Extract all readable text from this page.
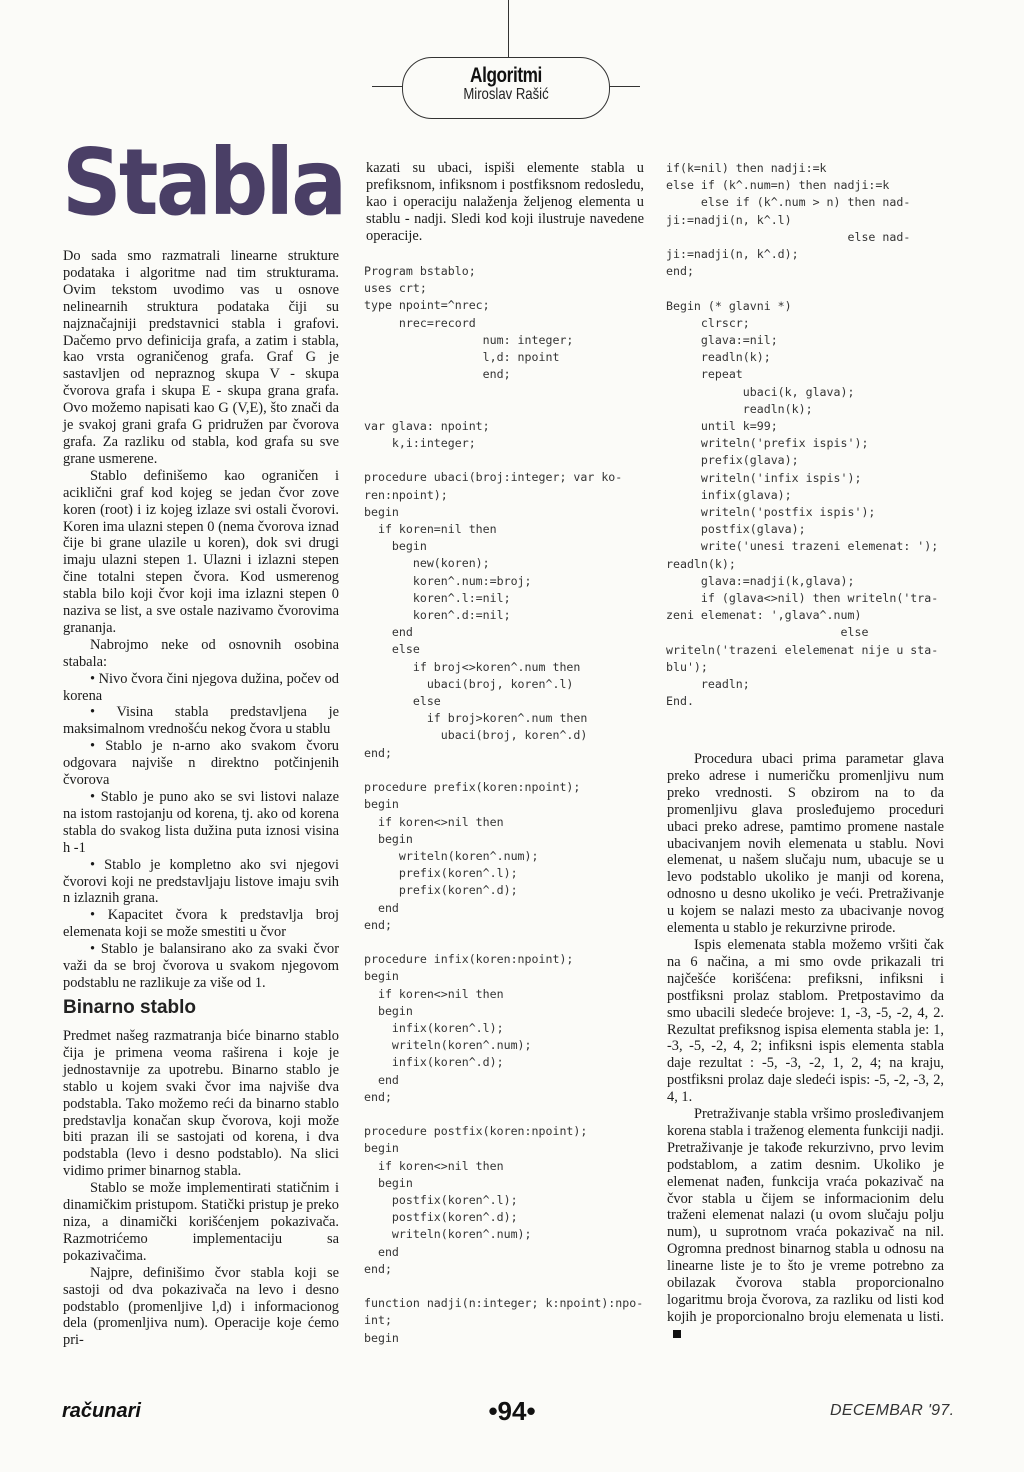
Algoritmi
Miroslav Rašić
Stabla

Do sada smo razmatrali linearne strukture podataka i algoritme nad tim strukturama. Ovim tekstom uvodimo vas u osnove nelinearnih struktura podataka čiji su najznačajniji predstavnici stabla i grafovi. Dačemo prvo definicija grafa, a zatim i stabla, kao vrsta ograničenog grafa. Graf G je sastavljen od nepraznog skupa V - skupa čvorova grafa i skupa E - skupa grana grafa. Ovo možemo napisati kao G (V,E), što znači da je svakoj grani grafa G pridružen par čvorova grafa. Za razliku od stabla, kod grafa su sve grane usmerene.

Stablo definišemo kao ograničen i aciklični graf kod kojeg se jedan čvor zove koren (root) i iz kojeg izlaze svi ostali čvorovi. Koren ima ulazni stepen 0 (nema čvorova iznad čije bi grane ulazile u koren), dok svi drugi imaju ulazni stepen 1. Ulazni i izlazni stepen čine totalni stepen čvora. Kod usmerenog stabla bilo koji čvor koji ima izlazni stepen 0 naziva se list, a sve ostale nazivamo čvorovima grananja.

Nabrojmo neke od osnovnih osobina stabala:

• Nivo čvora čini njegova dužina, počev od korena

• Visina stabla predstavljena je maksimalnom vrednošću nekog čvora u stablu

• Stablo je n-arno ako svakom čvoru odgovara najviše n direktno potčinjenih čvorova

• Stablo je puno ako se svi listovi nalaze na istom rastojanju od korena, tj. ako od korena stabla do svakog lista dužina puta iznosi visina h -1

• Stablo je kompletno ako svi njegovi čvorovi koji ne predstavljaju listove imaju svih n izlaznih grana.

• Kapacitet čvora k predstavlja broj elemenata koji se može smestiti u čvor

• Stablo je balansirano ako za svaki čvor važi da se broj čvorova u svakom njegovom podstablu ne razlikuje za više od 1.

Binarno stablo

Predmet našeg razmatranja biće binarno stablo čija je primena veoma raširena i koje je jednostavnije za upotrebu. Binarno stablo je stablo u kojem svaki čvor ima najviše dva podstabla. Tako možemo reći da binarno stablo predstavlja konačan skup čvorova, koji može biti prazan ili se sastojati od korena, i dva podstabla (levo i desno podstablo). Na slici vidimo primer binarnog stabla.

Stablo se može implementirati statičnim i dinamičkim pristupom. Statički pristup je preko niza, a dinamički korišćenjem pokazivača. Razmotrićemo implementaciju sa pokazivačima.

Najpre, definišimo čvor stabla koji se sastoji od dva pokazivača na levo i desno podstablo (promenljive l,d) i informacionog dela (promenljiva num). Operacije koje ćemo pri-

kazati su ubaci, ispiši elemente stabla u prefiksnom, infiksnom i postfiksnom redosledu, kao i operaciju nalaženja željenog elementa u stablu - nadji. Sledi kod koji ilustruje navedene operacije.

Program bstablo;
uses crt;
type npoint=^nrec;
nrec=record
num: integer;
l,d: npoint
end;

var glava: npoint;
k,i:integer;

procedure ubaci(broj:integer; var ko-
ren:npoint);
begin
if koren=nil then
begin
new(koren);
koren^.num:=broj;
koren^.l:=nil;
koren^.d:=nil;
end
else
if broj<>koren^.num then
ubaci(broj, koren^.l)
else
if broj>koren^.num then
ubaci(broj, koren^.d)
end;

procedure prefix(koren:npoint);
begin
if koren<>nil then
begin
writeln(koren^.num);
prefix(koren^.l);
prefix(koren^.d);
end
end;

procedure infix(koren:npoint);
begin
if koren<>nil then
begin
infix(koren^.l);
writeln(koren^.num);
infix(koren^.d);
end
end;

procedure postfix(koren:npoint);
begin
if koren<>nil then
begin
postfix(koren^.l);
postfix(koren^.d);
writeln(koren^.num);
end
end;

function nadji(n:integer; k:npoint):npo-
int;
begin
if(k=nil) then nadji:=k
else if (k^.num=n) then nadji:=k
else if (k^.num > n) then nad-
ji:=nadji(n, k^.l)
else nad-
ji:=nadji(n, k^.d);
end;

Begin (* glavni *)
clrscr;
glava:=nil;
readln(k);
repeat
ubaci(k, glava);
readln(k);
until k=99;
writeln('prefix ispis');
prefix(glava);
writeln('infix ispis');
infix(glava);
writeln('postfix ispis');
postfix(glava);
write('unesi trazeni elemenat: ');
readln(k);
glava:=nadji(k,glava);
if (glava<>nil) then writeln('tra-
zeni elemenat: ',glava^.num)
else
writeln('trazeni elelemenat nije u sta-
blu');
readln;
End.

Procedura ubaci prima parametar glava preko adrese i numeričku promenljivu num preko vrednosti. S obzirom na to da promenljivu glava prosleđujemo proceduri ubaci preko adrese, pamtimo promene nastale ubacivanjem novih elemenata u stablu. Novi elemenat, u našem slučaju num, ubacuje se u levo podstablo ukoliko je manji od korena, odnosno u desno ukoliko je veći. Pretraživanje u kojem se nalazi mesto za ubacivanje novog elementa u stablo je rekurzivne prirode.

Ispis elemenata stabla možemo vršiti čak na 6 načina, a mi smo ovde prikazali tri najčešće korišćena: prefiksni, infiksni i postfiksni prolaz stablom. Pretpostavimo da smo ubacili sledeće brojeve: 1, -3, -5, -2, 4, 2. Rezultat prefiksnog ispisa elementa stabla je: 1, -3, -5, -2, 4, 2; infiksni ispis elementa stabla daje rezultat : -5, -3, -2, 1, 2, 4; na kraju, postfiksni prolaz daje sledeći ispis: -5, -2, -3, 2, 4, 1.

Pretraživanje stabla vršimo prosleđivanjem korena stabla i traženog elementa funkciji nadji. Pretraživanje je takođe rekurzivno, prvo levim podstablom, a zatim desnim. Ukoliko je elemenat nađen, funkcija vraća pokazivač na čvor stabla u čijem se informacionim delu traženi elemenat nalazi (u ovom slučaju polju num), u suprotnom vraća pokazivač na nil. Ogromna prednost binarnog stabla u odnosu na linearne liste je to što je vreme potrebno za obilazak čvorova stabla proporcionalno logaritmu broja čvorova, za razliku od listi kod kojih je proporcionalno broju elemenata u listi.

računari	•94•	DECEMBAR '97.
